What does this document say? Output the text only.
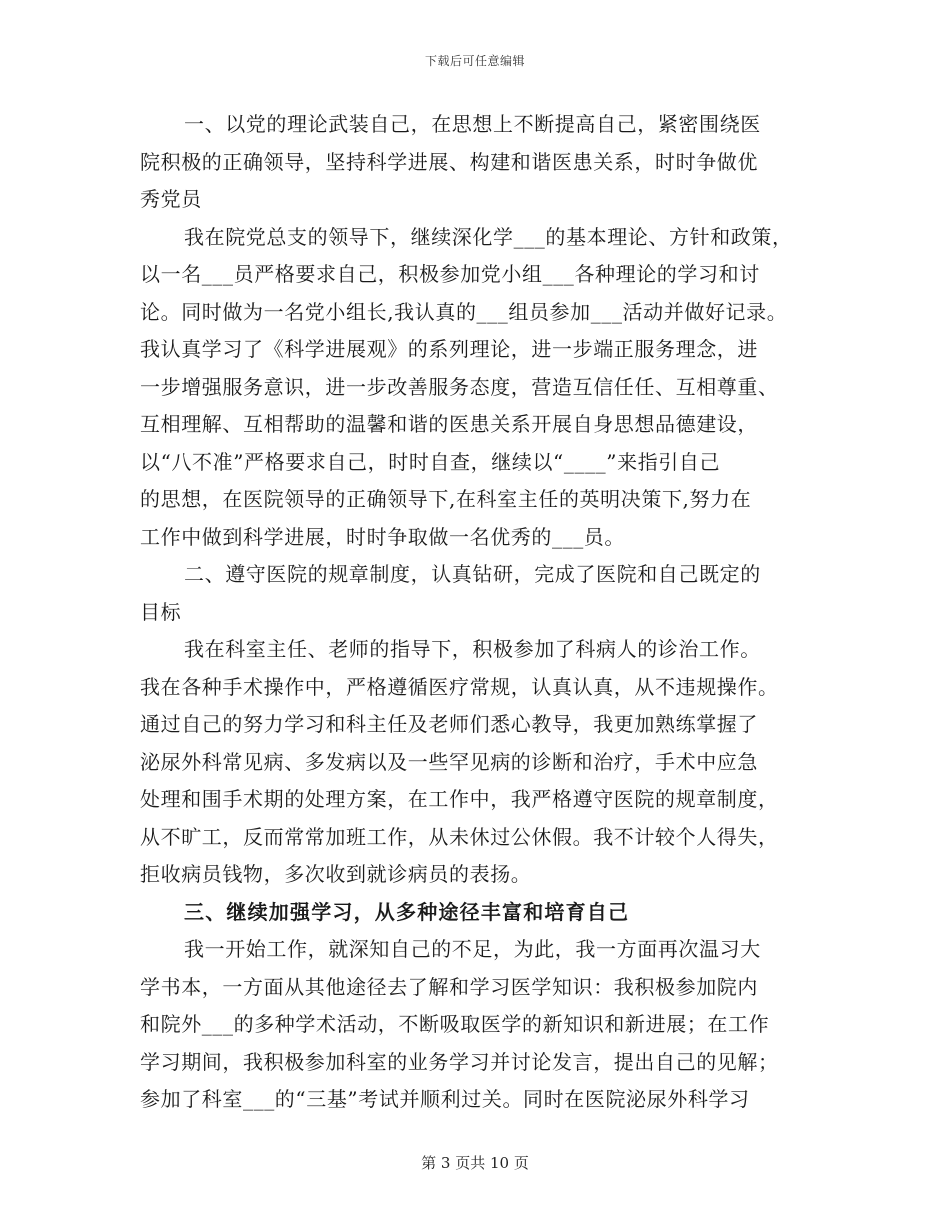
下载后可任意编辑
一、以党的理论武装自己，在思想上不断提高自己，紧密围绕医
院积极的正确领导，坚持科学进展、构建和谐医患关系，时时争做优
秀党员
我在院党总支的领导下，继续深化学___的基本理论、方针和政策，
以一名___员严格要求自己，积极参加党小组___各种理论的学习和讨
论。同时做为一名党小组长,我认真的___组员参加___活动并做好记录。
我认真学习了《科学进展观》的系列理论，进一步端正服务理念，进
一步增强服务意识，进一步改善服务态度，营造互信任任、互相尊重、
互相理解、互相帮助的温馨和谐的医患关系开展自身思想品德建设，
以“八不准”严格要求自己，时时自查，继续以“____”来指引自己
的思想，在医院领导的正确领导下,在科室主任的英明决策下,努力在
工作中做到科学进展，时时争取做一名优秀的___员。
二、遵守医院的规章制度，认真钻研，完成了医院和自己既定的
目标
我在科室主任、老师的指导下，积极参加了科病人的诊治工作。
我在各种手术操作中，严格遵循医疗常规，认真认真，从不违规操作。
通过自己的努力学习和科主任及老师们悉心教导，我更加熟练掌握了
泌尿外科常见病、多发病以及一些罕见病的诊断和治疗，手术中应急
处理和围手术期的处理方案，在工作中，我严格遵守医院的规章制度，
从不旷工，反而常常加班工作，从未休过公休假。我不计较个人得失，
拒收病员钱物，多次收到就诊病员的表扬。
三、继续加强学习，从多种途径丰富和培育自己
我一开始工作，就深知自己的不足，为此，我一方面再次温习大
学书本，一方面从其他途径去了解和学习医学知识：我积极参加院内
和院外___的多种学术活动，不断吸取医学的新知识和新进展；在工作
学习期间，我积极参加科室的业务学习并讨论发言，提出自己的见解；
参加了科室___的“三基”考试并顺利过关。同时在医院泌尿外科学习
第 3 页共 10 页
